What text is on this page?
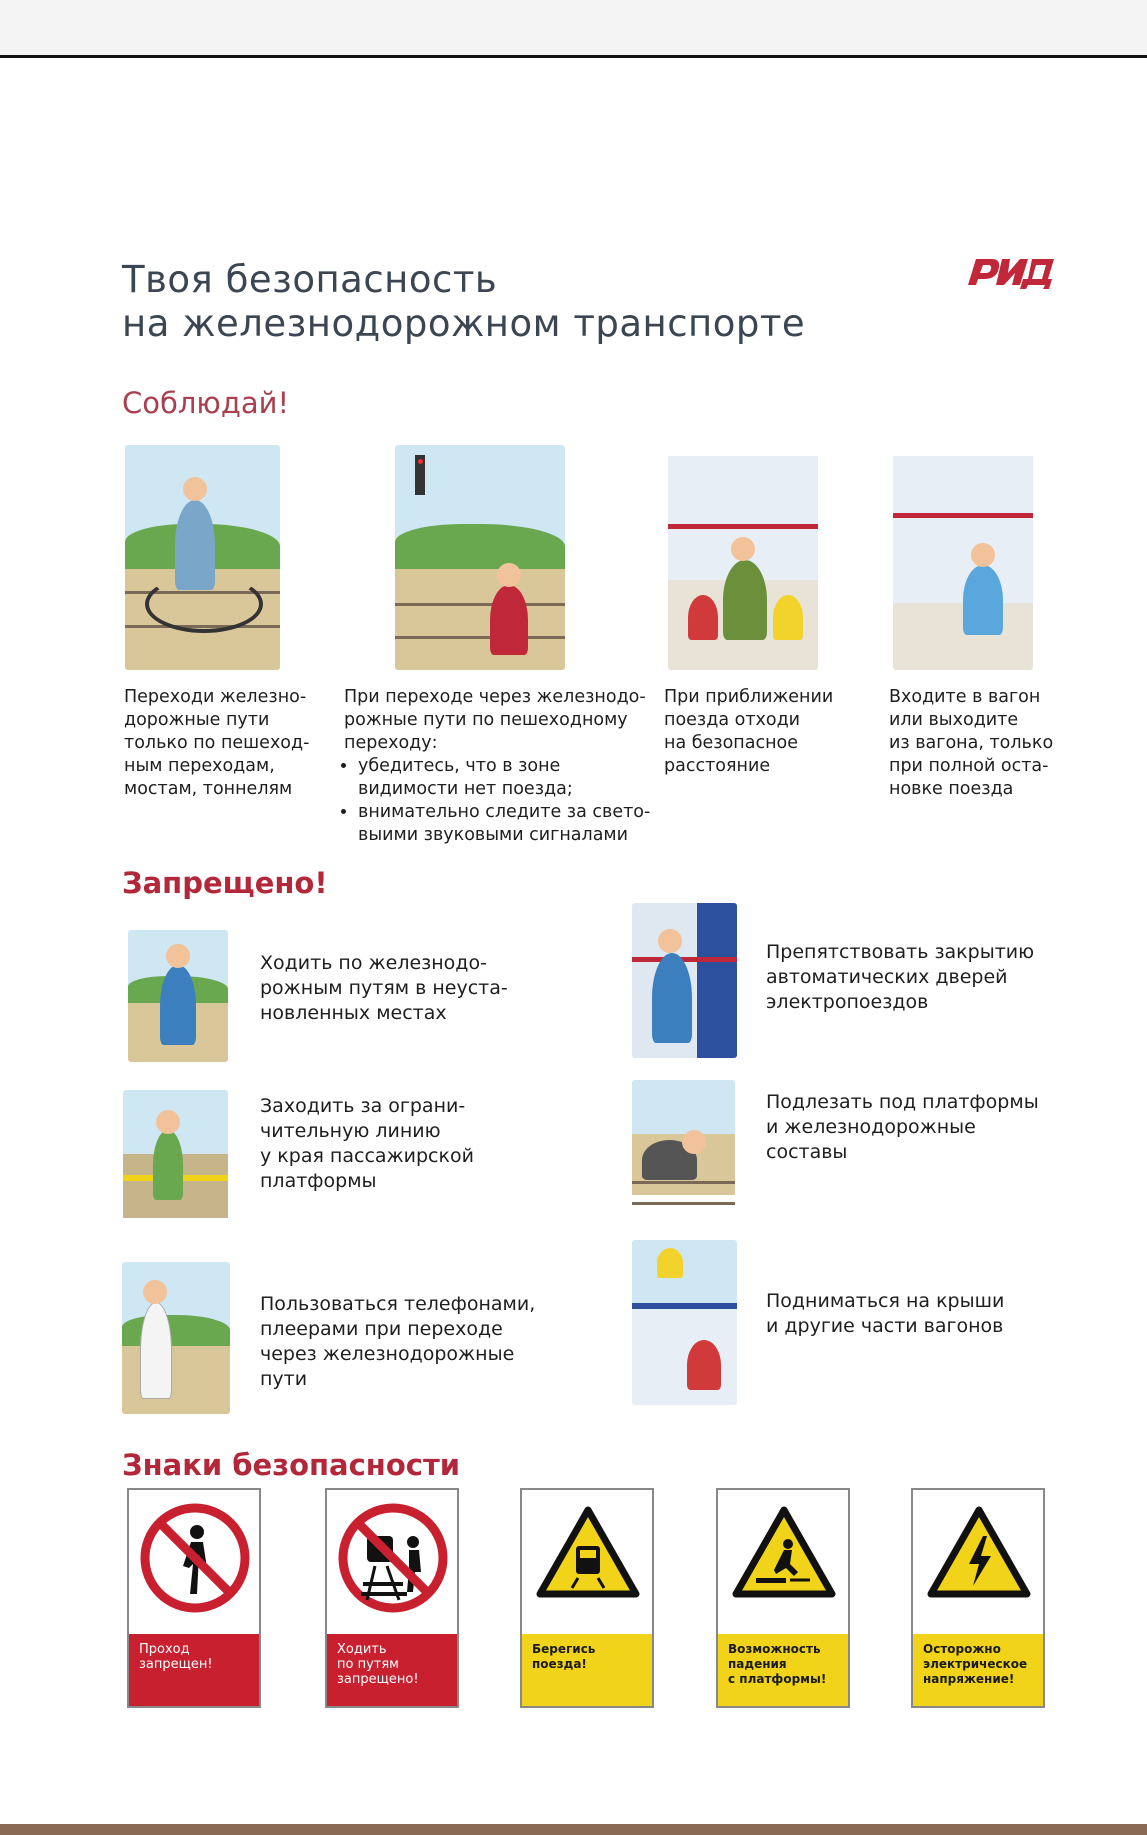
Твоя безопасность
на железнодорожном транспорте
Соблюдай!
Переходи железно-
дорожные пути
только по пешеход-
ным переходам,
мостам, тоннелям
При переходе через железнодо-
рожные пути по пешеходному
переходу:
• убедитесь, что в зоне видимости нет поезда;
• внимательно следите за свето-выими звуковыми сигналами
При приближении
поезда отходи
на безопасное
расстояние
Входите в вагон
или выходите
из вагона, только
при полной оста-
новке поезда
Запрещено!
Ходить по железнодо-
рожным путям в неуста-
новленных местах
Препятствовать закрытию
автоматических дверей
электропоездов
Заходить за ограни-
чительную линию
у края пассажирской
платформы
Подлезать под платформы
и железнодорожные
составы
Пользоваться телефонами,
плеерами при переходе
через железнодорожные
пути
Подниматься на крыши
и другие части вагонов
Знаки безопасности
Проход
запрещен!
Ходить
по путям
запрещено!
Берегись
поезда!
Возможность
падения
с платформы!
Осторожно
электрическое
напряжение!
